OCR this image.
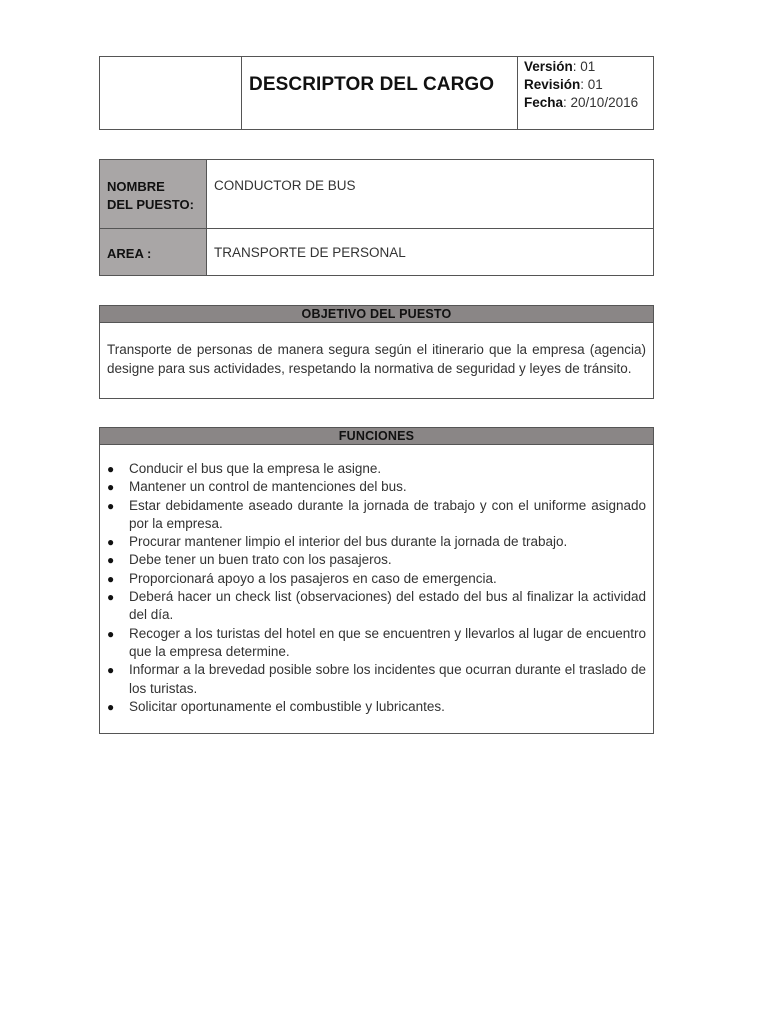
DESCRIPTOR DEL CARGO
Versión: 01
Revisión: 01
Fecha: 20/10/2016
NOMBRE
DEL PUESTO:
CONDUCTOR DE BUS
AREA :	TRANSPORTE DE PERSONAL
OBJETIVO DEL PUESTO
Transporte de personas de manera segura según el itinerario que la empresa (agencia) designe para sus actividades, respetando la normativa de seguridad y leyes de tránsito.
FUNCIONES
● Conducir el bus que la empresa le asigne.
● Mantener un control de mantenciones del bus.
● Estar debidamente aseado durante la jornada de trabajo y con el uniforme asignado por la empresa.
● Procurar mantener limpio el interior del bus durante la jornada de trabajo.
● Debe tener un buen trato con los pasajeros.
● Proporcionará apoyo a los pasajeros en caso de emergencia.
● Deberá hacer un check list (observaciones) del estado del bus al finalizar la actividad del día.
● Recoger a los turistas del hotel en que se encuentren y llevarlos al lugar de encuentro que la empresa determine.
● Informar a la brevedad posible sobre los incidentes que ocurran durante el traslado de los turistas.
● Solicitar oportunamente el combustible y lubricantes.
